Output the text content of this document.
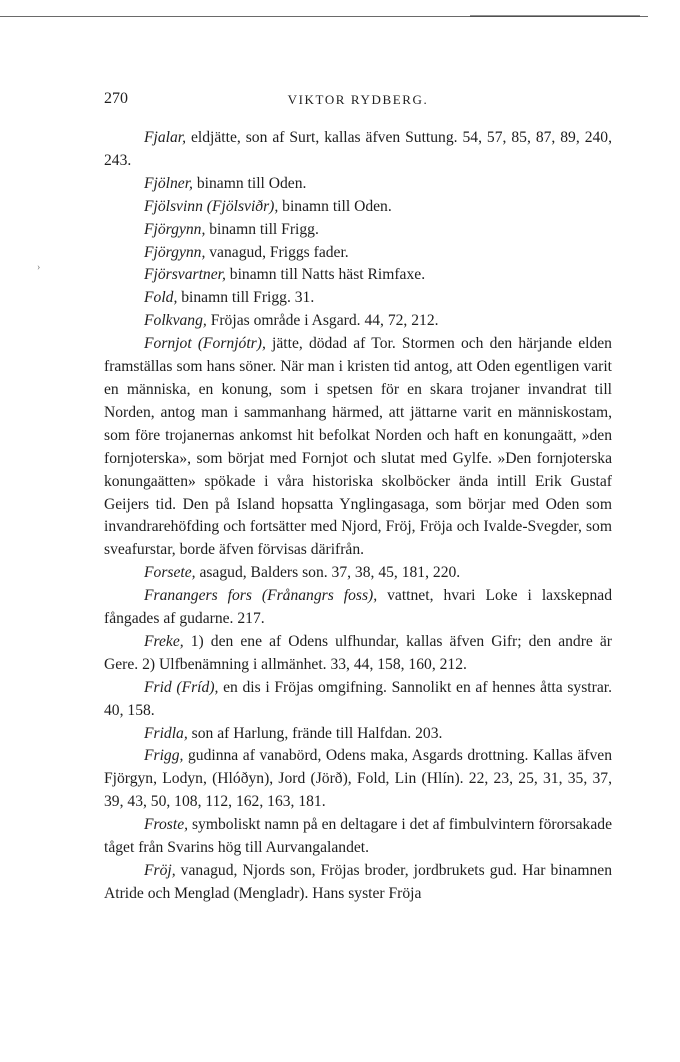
270	VIKTOR RYDBERG.
›

Fjalar, eldjätte, son af Surt, kallas äfven Suttung. 54, 57, 85, 87, 89, 240, 243.

Fjölner, binamn till Oden.

Fjölsvinn (Fjölsviðr), binamn till Oden.

Fjörgynn, binamn till Frigg.

Fjörgynn, vanagud, Friggs fader.

Fjörsvartner, binamn till Natts häst Rimfaxe.

Fold, binamn till Frigg. 31.

Folkvang, Fröjas område i Asgard. 44, 72, 212.

Fornjot (Fornjótr), jätte, dödad af Tor. Stormen och den härjande elden framställas som hans söner. När man i kristen tid antog, att Oden egentligen varit en människa, en konung, som i spetsen för en skara trojaner invandrat till Norden, antog man i sammanhang härmed, att jättarne varit en människostam, som före trojanernas ankomst hit befolkat Norden och haft en konungaätt, »den fornjoterska», som börjat med Fornjot och slutat med Gylfe. »Den fornjoterska konungaätten» spökade i våra historiska skolböcker ända intill Erik Gustaf Geijers tid. Den på Island hopsatta Ynglingasaga, som börjar med Oden som invandrarehöfding och fortsätter med Njord, Fröj, Fröja och Ivalde-Svegder, som sveafurstar, borde äfven förvisas därifrån.

Forsete, asagud, Balders son. 37, 38, 45, 181, 220.

Franangers fors (Frånangrs foss), vattnet, hvari Loke i laxskepnad fångades af gudarne. 217.

Freke, 1) den ene af Odens ulfhundar, kallas äfven Gifr; den andre är Gere. 2) Ulfbenämning i allmänhet. 33, 44, 158, 160, 212.

Frid (Fríd), en dis i Fröjas omgifning. Sannolikt en af hennes åtta systrar. 40, 158.

Fridla, son af Harlung, frände till Halfdan. 203.

Frigg, gudinna af vanabörd, Odens maka, Asgards drottning. Kallas äfven Fjörgyn, Lodyn, (Hlóðyn), Jord (Jörð), Fold, Lin (Hlín). 22, 23, 25, 31, 35, 37, 39, 43, 50, 108, 112, 162, 163, 181.

Froste, symboliskt namn på en deltagare i det af fimbulvintern förorsakade tåget från Svarins hög till Aurvangalandet.

Fröj, vanagud, Njords son, Fröjas broder, jordbrukets gud. Har binamnen Atride och Menglad (Mengladr). Hans syster Fröja
